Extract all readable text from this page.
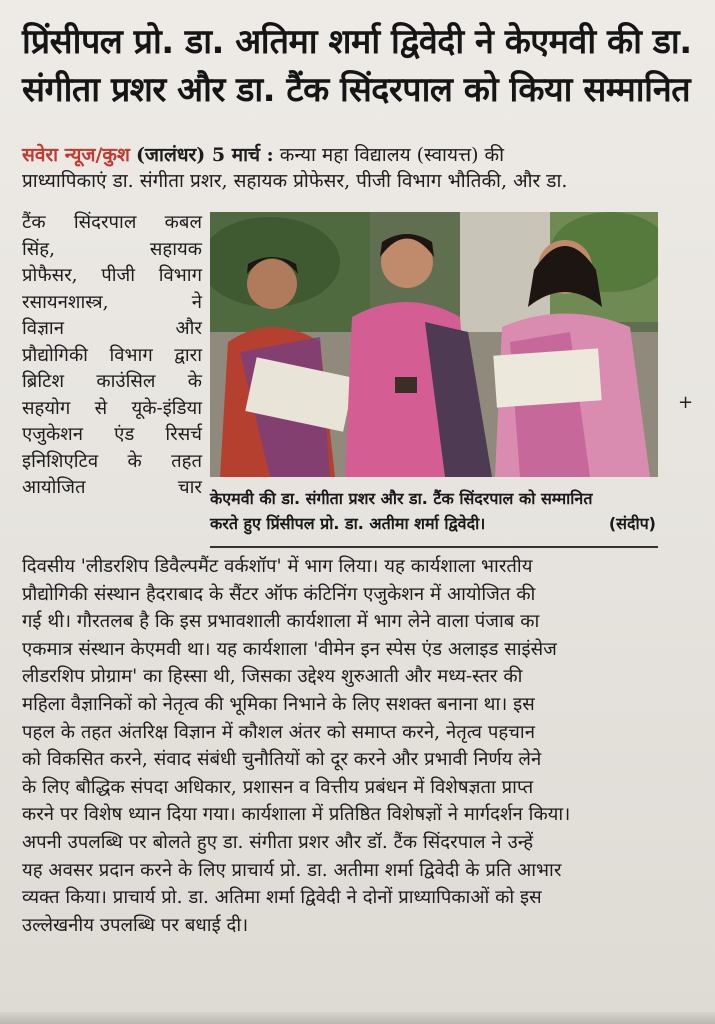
प्रिंसीपल प्रो. डा. अतिमा शर्मा द्विवेदी ने केएमवी की डा.
संगीता प्रशर और डा. टैंक सिंदरपाल को किया सम्मानित
सवेरा न्यूज/कुश (जालंधर) 5 मार्च : कन्या महा विद्यालय (स्वायत्त) की
प्राध्यापिकाएं डा. संगीता प्रशर, सहायक प्रोफेसर, पीजी विभाग भौतिकी, और डा.
टैंक सिंदरपाल कबल
सिंह, सहायक
प्रोफैसर, पीजी विभाग
रसायनशास्त्र, ने
विज्ञान और
प्रौद्योगिकी विभाग द्वारा
ब्रिटिश काउंसिल के
सहयोग से यूके-इंडिया
एजुकेशन एंड रिसर्च
इनिशिएटिव के तहत
आयोजित चार
केएमवी की डा. संगीता प्रशर और डा. टैंक सिंदरपाल को सम्मानित
करते हुए प्रिंसीपल प्रो. डा. अतीमा शर्मा द्विवेदी।	(संदीप)
+
दिवसीय 'लीडरशिप डिवैल्पमैंट वर्कशॉप' में भाग लिया। यह कार्यशाला भारतीय
प्रौद्योगिकी संस्थान हैदराबाद के सैंटर ऑफ कंटिनिंग एजुकेशन में आयोजित की
गई थी। गौरतलब है कि इस प्रभावशाली कार्यशाला में भाग लेने वाला पंजाब का
एकमात्र संस्थान केएमवी था। यह कार्यशाला 'वीमेन इन स्पेस एंड अलाइड साइंसेज
लीडरशिप प्रोग्राम' का हिस्सा थी, जिसका उद्देश्य शुरुआती और मध्य-स्तर की
महिला वैज्ञानिकों को नेतृत्व की भूमिका निभाने के लिए सशक्त बनाना था। इस
पहल के तहत अंतरिक्ष विज्ञान में कौशल अंतर को समाप्त करने, नेतृत्व पहचान
को विकसित करने, संवाद संबंधी चुनौतियों को दूर करने और प्रभावी निर्णय लेने
के लिए बौद्धिक संपदा अधिकार, प्रशासन व वित्तीय प्रबंधन में विशेषज्ञता प्राप्त
करने पर विशेष ध्यान दिया गया। कार्यशाला में प्रतिष्ठित विशेषज्ञों ने मार्गदर्शन किया।
अपनी उपलब्धि पर बोलते हुए डा. संगीता प्रशर और डॉ. टैंक सिंदरपाल ने उन्हें
यह अवसर प्रदान करने के लिए प्राचार्य प्रो. डा. अतीमा शर्मा द्विवेदी के प्रति आभार
व्यक्त किया। प्राचार्य प्रो. डा. अतिमा शर्मा द्विवेदी ने दोनों प्राध्यापिकाओं को इस
उल्लेखनीय उपलब्धि पर बधाई दी।
